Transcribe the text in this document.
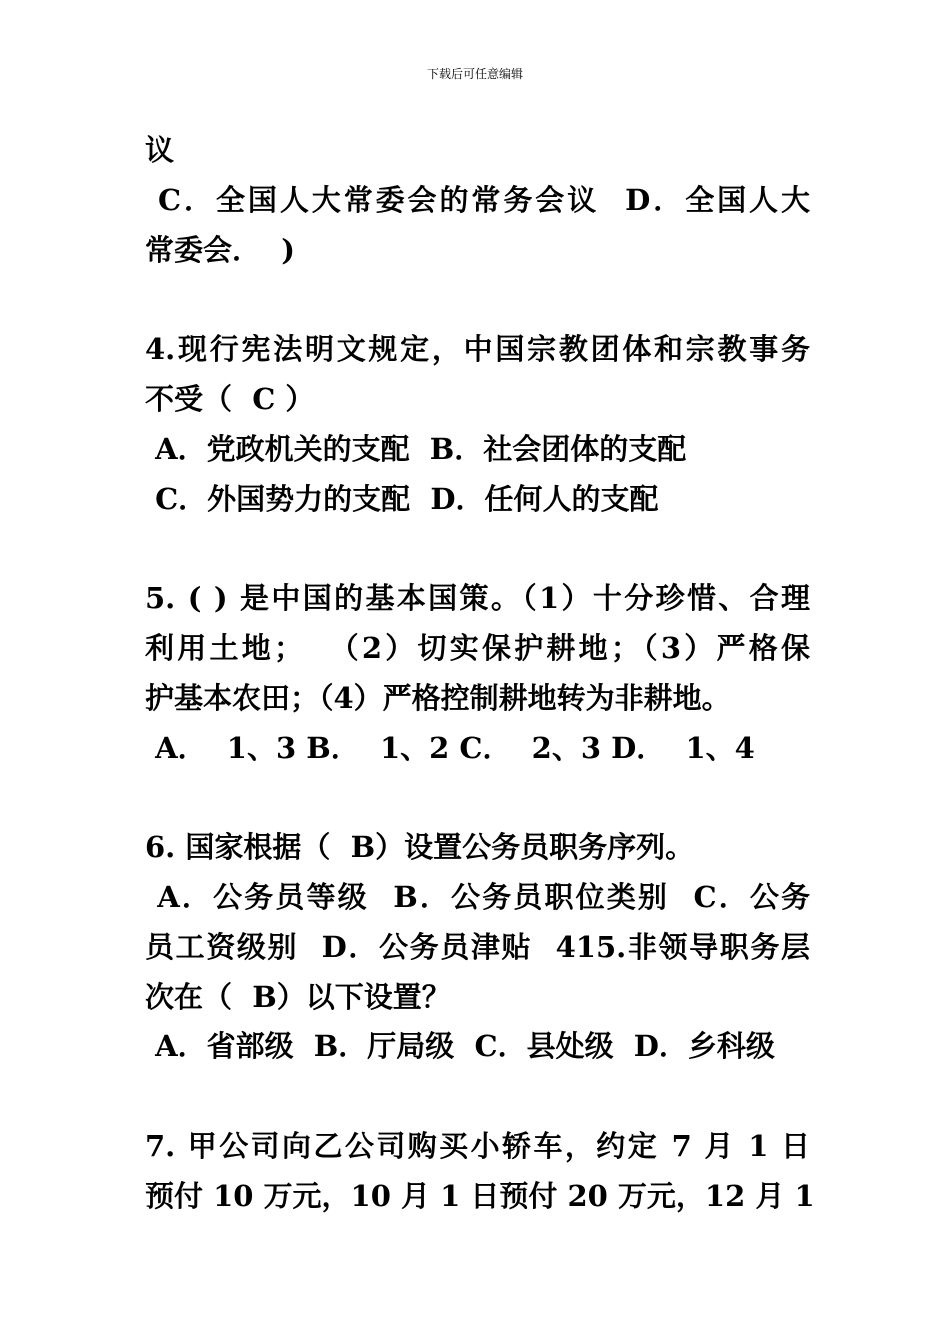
下载后可任意编辑
议
C．全国人大常委会的常务会议  D．全国人大
常委会．  )
4.现行宪法明文规定，中国宗教团体和宗教事务
不受（  C ）
A．党政机关的支配  B．社会团体的支配
C．外国势力的支配  D．任何人的支配
5. ( ) 是中国的基本国策。（1）十分珍惜、合理
利用土地；  （2）切实保护耕地；（3）严格保
护基本农田；（4）严格控制耕地转为非耕地。
A．  1、3 B．  1、2 C．  2、3 D．  1、4
6. 国家根据（  B）设置公务员职务序列。
A．公务员等级  B．公务员职位类别  C．公务
员工资级别  D．公务员津贴  415.非领导职务层
次在（  B）以下设置？
A．省部级  B．厅局级  C．县处级  D．乡科级
7. 甲公司向乙公司购买小轿车，约定 7 月 1 日
预付 10 万元，10 月 1 日预付 20 万元，12 月 1
